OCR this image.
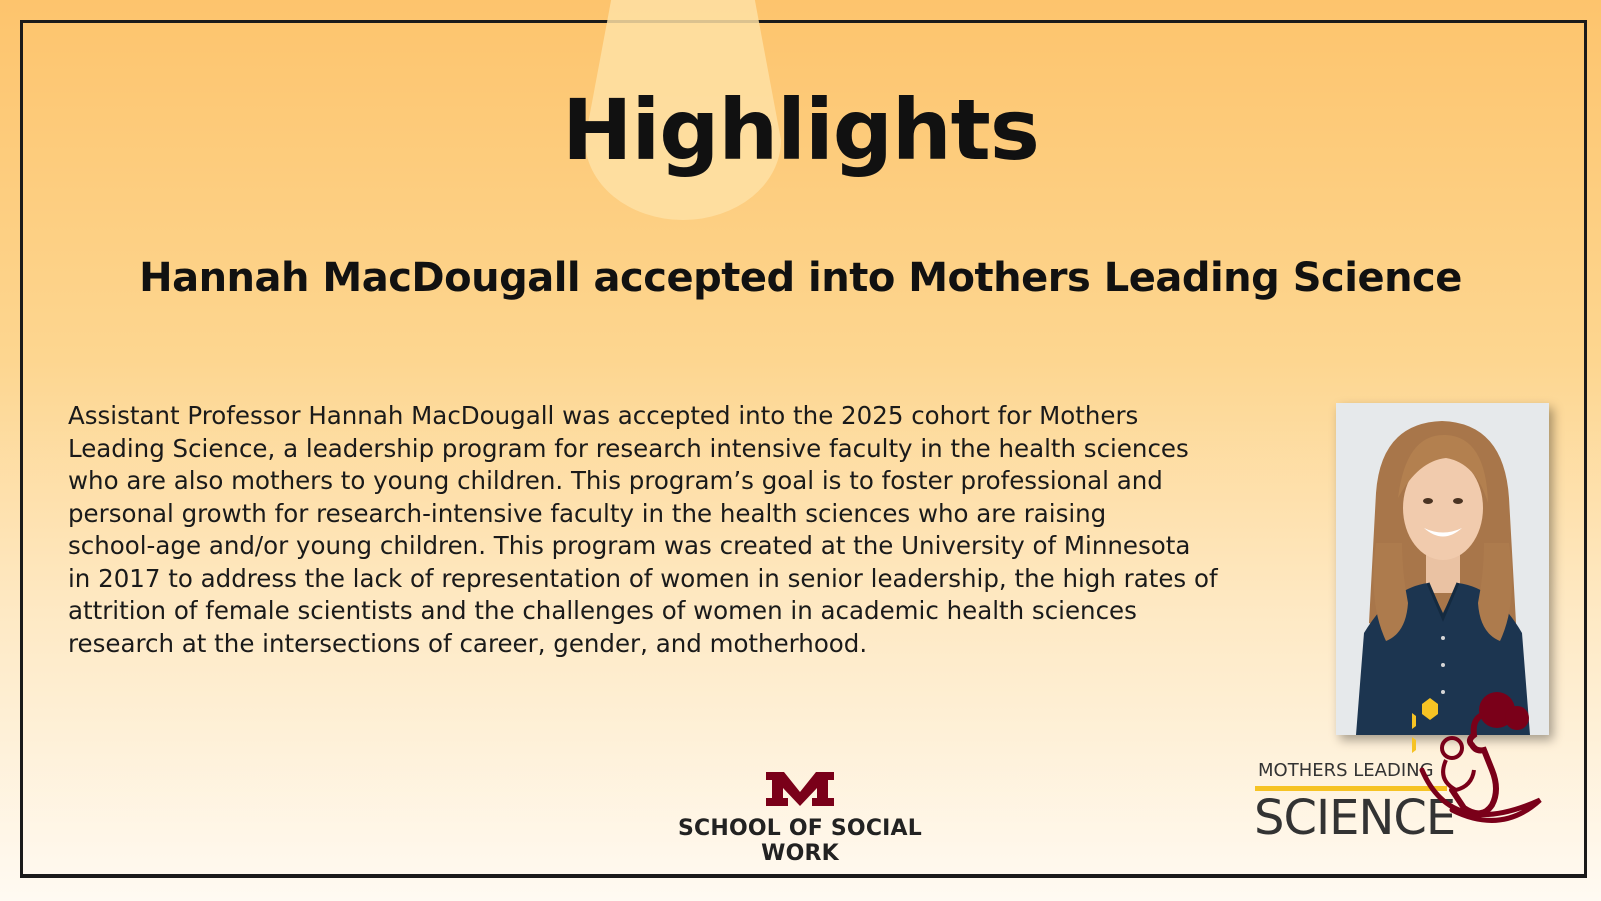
Highlights
Hannah MacDougall accepted into Mothers Leading Science
Assistant Professor Hannah MacDougall was accepted into the 2025 cohort for Mothers
Leading Science, a leadership program for research intensive faculty in the health sciences
who are also mothers to young children. This program’s goal is to foster professional and
personal growth for research-intensive faculty in the health sciences who are raising
school-age and/or young children. This program was created at the University of Minnesota
in 2017 to address the lack of representation of women in senior leadership, the high rates of
attrition of female scientists and the challenges of women in academic health sciences
research at the intersections of career, gender, and motherhood.
SCHOOL OF SOCIAL WORK
MOTHERS LEADING
SCIENCE
